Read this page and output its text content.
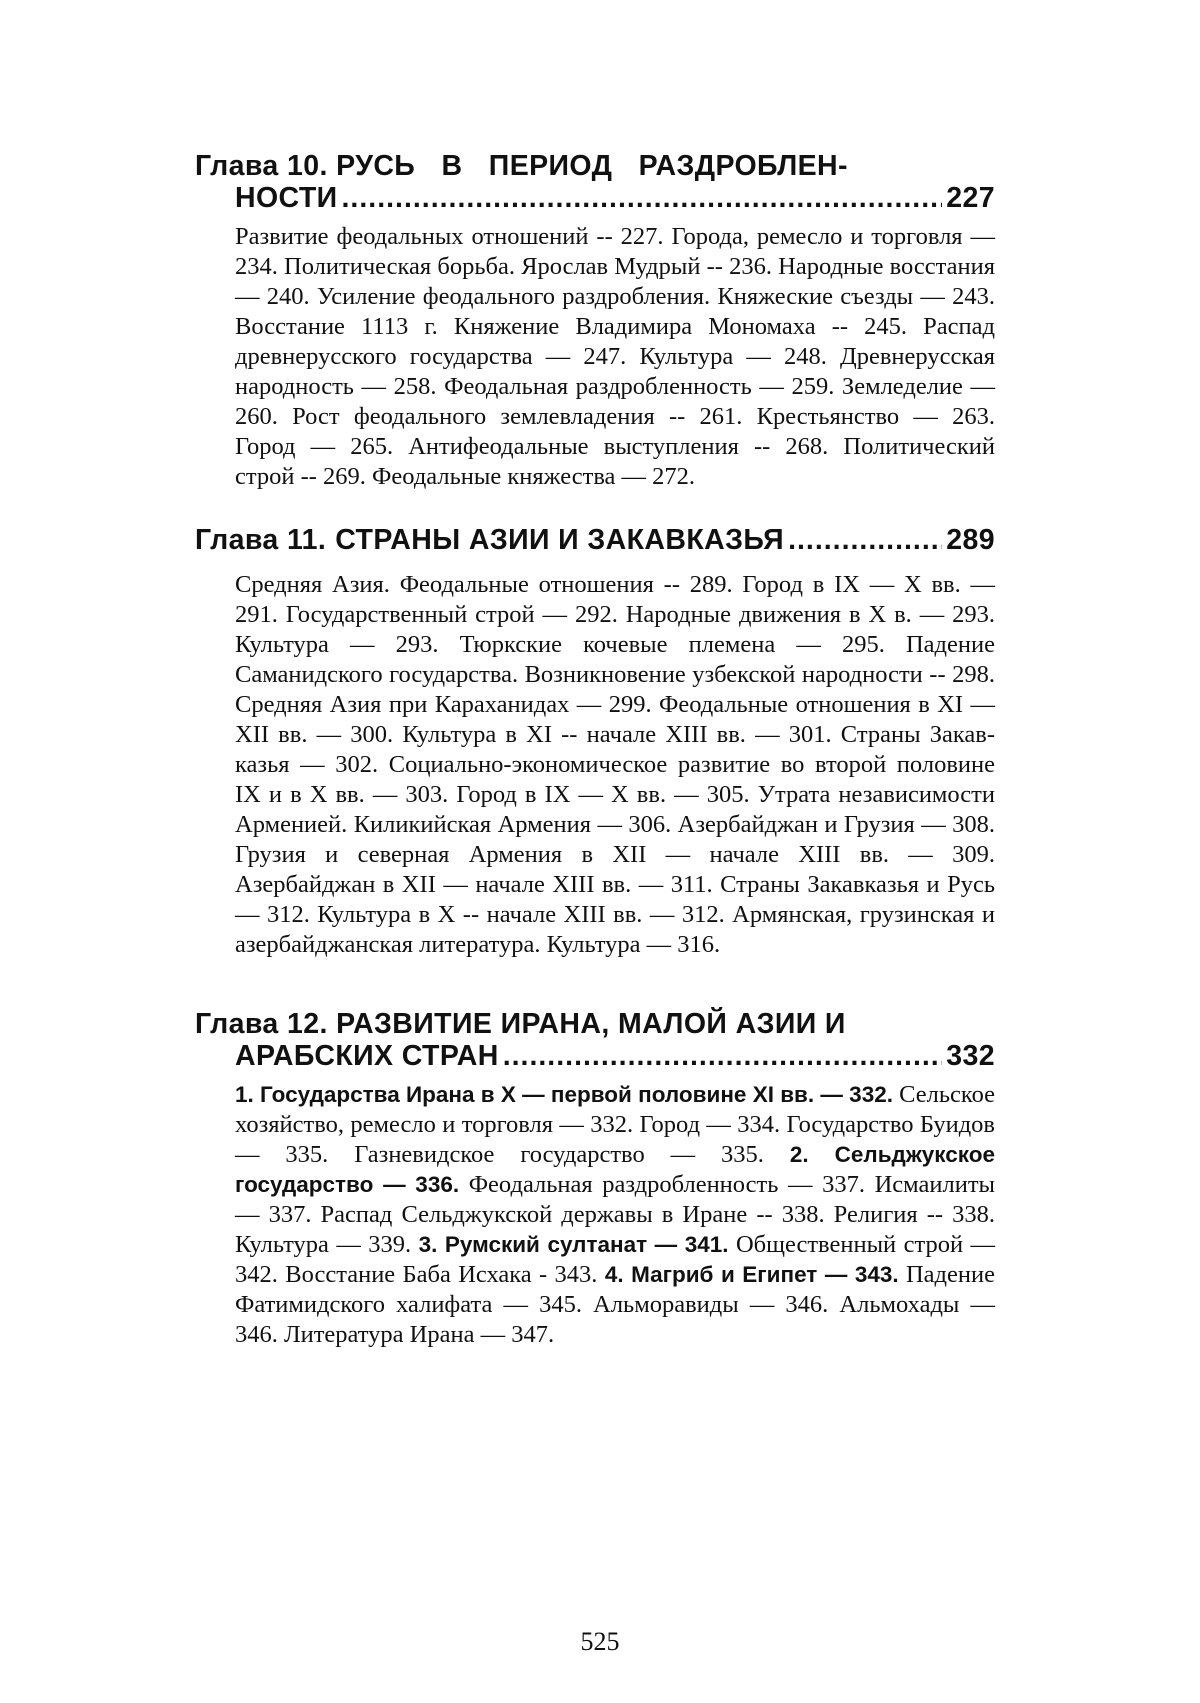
Глава 10. РУСЬ В ПЕРИОД РАЗДРОБЛЕН-
НОСТИ .....	227
Развитие феодальных отношений -- 227. Города, ремесло и торговля — 234. Политическая борьба. Ярослав Мудрый -- 236. Народные восстания — 240. Усиление феодального раздробления. Княжеские съезды — 243. Восстание 1113 г. Княжение Владимира Мономаха -- 245. Распад древнерусского государства — 247. Культура — 248. Древнерусская народность — 258. Феодальная раздробленность — 259. Земледелие — 260. Рост феодального землевладения -- 261. Крестьянство — 263. Город — 265. Антифеодальные выступления -- 268. Политический строй -- 269. Феодальные княжества — 272.
Глава 11. СТРАНЫ АЗИИ И ЗАКАВКАЗЬЯ .....	289
Средняя Азия. Феодальные отношения -- 289. Город в IX — X вв. — 291. Государственный строй — 292. Народные движения в X в. — 293. Культура — 293. Тюркские кочевые племена — 295. Падение Саманидского государства. Возникновение узбекской народности -- 298. Средняя Азия при Караханидах — 299. Феодальные отношения в XI — XII вв. — 300. Культура в XI -- начале XIII вв. — 301. Страны Закавказья — 302. Социально-экономическое развитие во второй половине IX и в X вв. — 303. Город в IX — X вв. — 305. Утрата независимости Арменией. Киликийская Армения — 306. Азербайджан и Грузия — 308. Грузия и северная Армения в XII — начале XIII вв. — 309. Азербайджан в XII — начале XIII вв. — 311. Страны Закавказья и Русь — 312. Культура в X -- начале XIII вв. — 312. Армянская, грузинская и азербайджанская литература. Культура — 316.
Глава 12. РАЗВИТИЕ ИРАНА, МАЛОЙ АЗИИ И
АРАБСКИХ СТРАН .....	332
1. Государства Ирана в X — первой половине XI вв. — 332. Сельское хозяйство, ремесло и торговля — 332. Город — 334. Государство Буидов — 335. Газневидское государство — 335. 2. Сельджукское государство — 336. Феодальная раздробленность — 337. Исмаилиты — 337. Распад Сельджукской державы в Иране -- 338. Религия -- 338. Культура — 339. 3. Румский султанат — 341. Общественный строй — 342. Восстание Баба Исхака - 343. 4. Магриб и Египет — 343. Падение Фатимидского халифата — 345. Альморавиды — 346. Альмохады — 346. Литература Ирана — 347.
525
